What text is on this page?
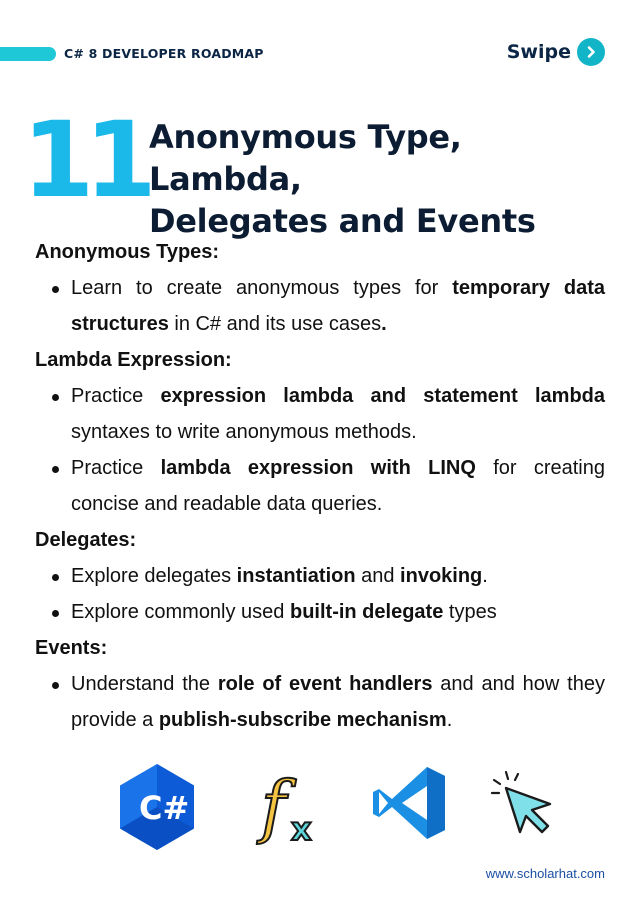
C# 8 DEVELOPER ROADMAP	Swipe
11 Anonymous Type, Lambda,
Delegates and Events
Anonymous Types:
Learn to create anonymous types for temporary data structures in C# and its use cases.
Lambda Expression:
Practice expression lambda and statement lambda syntaxes to write anonymous methods.
Practice lambda expression with LINQ for creating concise and readable data queries.
Delegates:
Explore delegates instantiation and invoking.
Explore commonly used built-in delegate types
Events:
Understand the role of event handlers and and how they provide a publish-subscribe mechanism.
C# f x
www.scholarhat.com
